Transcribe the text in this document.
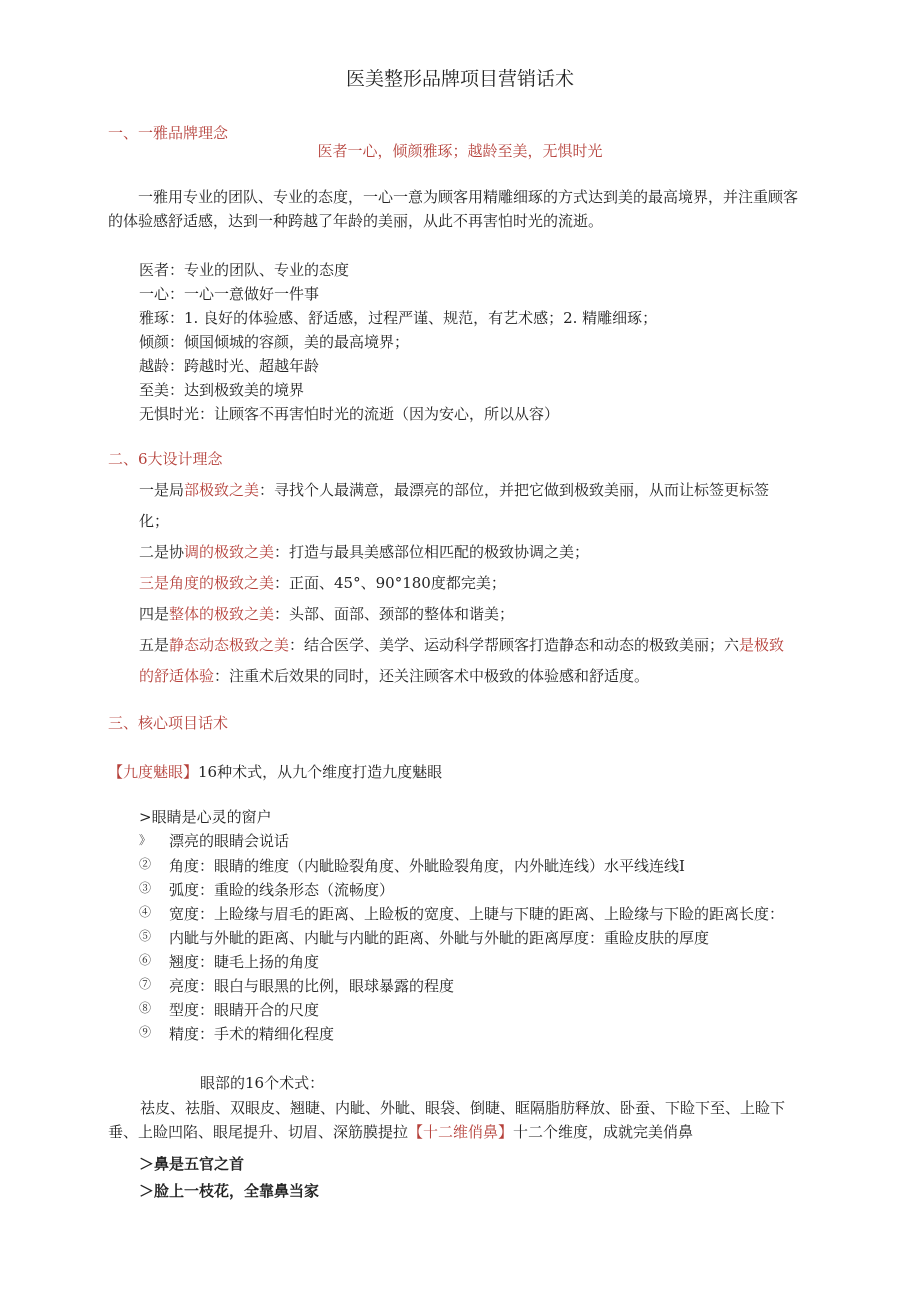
医美整形品牌项目营销话术
一、一雅品牌理念
医者一心，倾颜雅琢；越龄至美，无惧时光
一雅用专业的团队、专业的态度，一心一意为顾客用精雕细琢的方式达到美的最高境界，并注重顾客的体验感舒适感，达到一种跨越了年龄的美丽，从此不再害怕时光的流逝。
医者：专业的团队、专业的态度
一心：一心一意做好一件事
雅琢：1. 良好的体验感、舒适感，过程严谨、规范，有艺术感；2. 精雕细琢；
倾颜：倾国倾城的容颜，美的最高境界；
越龄：跨越时光、超越年龄
至美：达到极致美的境界
无惧时光：让顾客不再害怕时光的流逝（因为安心，所以从容）
二、6大设计理念
一是局部极致之美：寻找个人最满意，最漂亮的部位，并把它做到极致美丽，从而让标签更标签
化；
二是协调的极致之美：打造与最具美感部位相匹配的极致协调之美；
三是角度的极致之美：正面、45°、90°180度都完美；
四是整体的极致之美：头部、面部、颈部的整体和谐美；
五是静态动态极致之美：结合医学、美学、运动科学帮顾客打造静态和动态的极致美丽；六是极致
的舒适体验：注重术后效果的同时，还关注顾客术中极致的体验感和舒适度。
三、核心项目话术
【九度魅眼】16种术式，从九个维度打造九度魅眼
>眼睛是心灵的窗户
》②③④⑤⑥⑦⑧⑨
漂亮的眼睛会说话
角度：眼睛的维度（内眦睑裂角度、外眦睑裂角度，内外眦连线）水平线连线I
弧度：重睑的线条形态（流畅度）
宽度：上睑缘与眉毛的距离、上睑板的宽度、上睫与下睫的距离、上睑缘与下睑的距离长度：
内眦与外眦的距离、内眦与内眦的距离、外眦与外眦的距离厚度：重睑皮肤的厚度
翘度：睫毛上扬的角度
亮度：眼白与眼黑的比例，眼球暴露的程度
型度：眼睛开合的尺度
精度：手术的精细化程度
眼部的16个术式：
祛皮、祛脂、双眼皮、翘睫、内眦、外眦、眼袋、倒睫、眶隔脂肪释放、卧蚕、下睑下至、上睑下垂、上睑凹陷、眼尾提升、切眉、深筋膜提拉【十二维俏鼻】十二个维度，成就完美俏鼻
＞鼻是五官之首
＞脸上一枝花，全靠鼻当家
